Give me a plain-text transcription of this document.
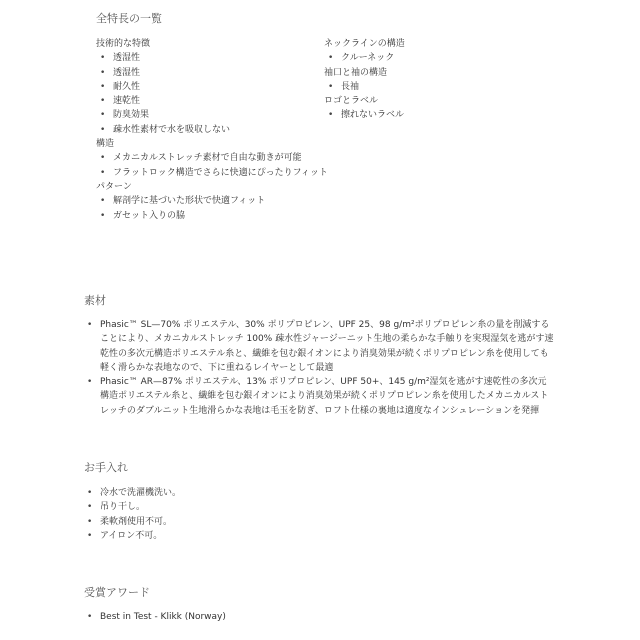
全特長の一覧
技術的な特徴
• 透湿性
• 透湿性
• 耐久性
• 速乾性
• 防臭効果
• 疎水性素材で水を吸収しない
構造
• メカニカルストレッチ素材で自由な動きが可能
• フラットロック構造でさらに快適にぴったりフィット
パターン
• 解剖学に基づいた形状で快適フィット
• ガセット入りの脇
ネックラインの構造
• クルーネック
袖口と袖の構造
• 長袖
ロゴとラベル
• 擦れないラベル
素材
• Phasic™ SL—70% ポリエステル、30% ポリプロピレン、UPF 25、98 g/m²ポリプロピレン糸の量を削減することにより、メカニカルストレッチ 100% 疎水性ジャージーニット生地の柔らかな手触りを実現湿気を逃がす速乾性の多次元構造ポリエステル糸と、繊維を包む銀イオンにより消臭効果が続くポリプロピレン糸を使用しても軽く滑らかな表地なので、下に重ねるレイヤーとして最適
• Phasic™ AR—87% ポリエステル、13% ポリプロピレン、UPF 50+、145 g/m²湿気を逃がす速乾性の多次元構造ポリエステル糸と、繊維を包む銀イオンにより消臭効果が続くポリプロピレン糸を使用したメカニカルストレッチのダブルニット生地滑らかな表地は毛玉を防ぎ、ロフト仕様の裏地は適度なインシュレーションを発揮
お手入れ
• 冷水で洗濯機洗い。
• 吊り干し。
• 柔軟剤使用不可。
• アイロン不可。
受賞アワード
• Best in Test - Klikk (Norway)
